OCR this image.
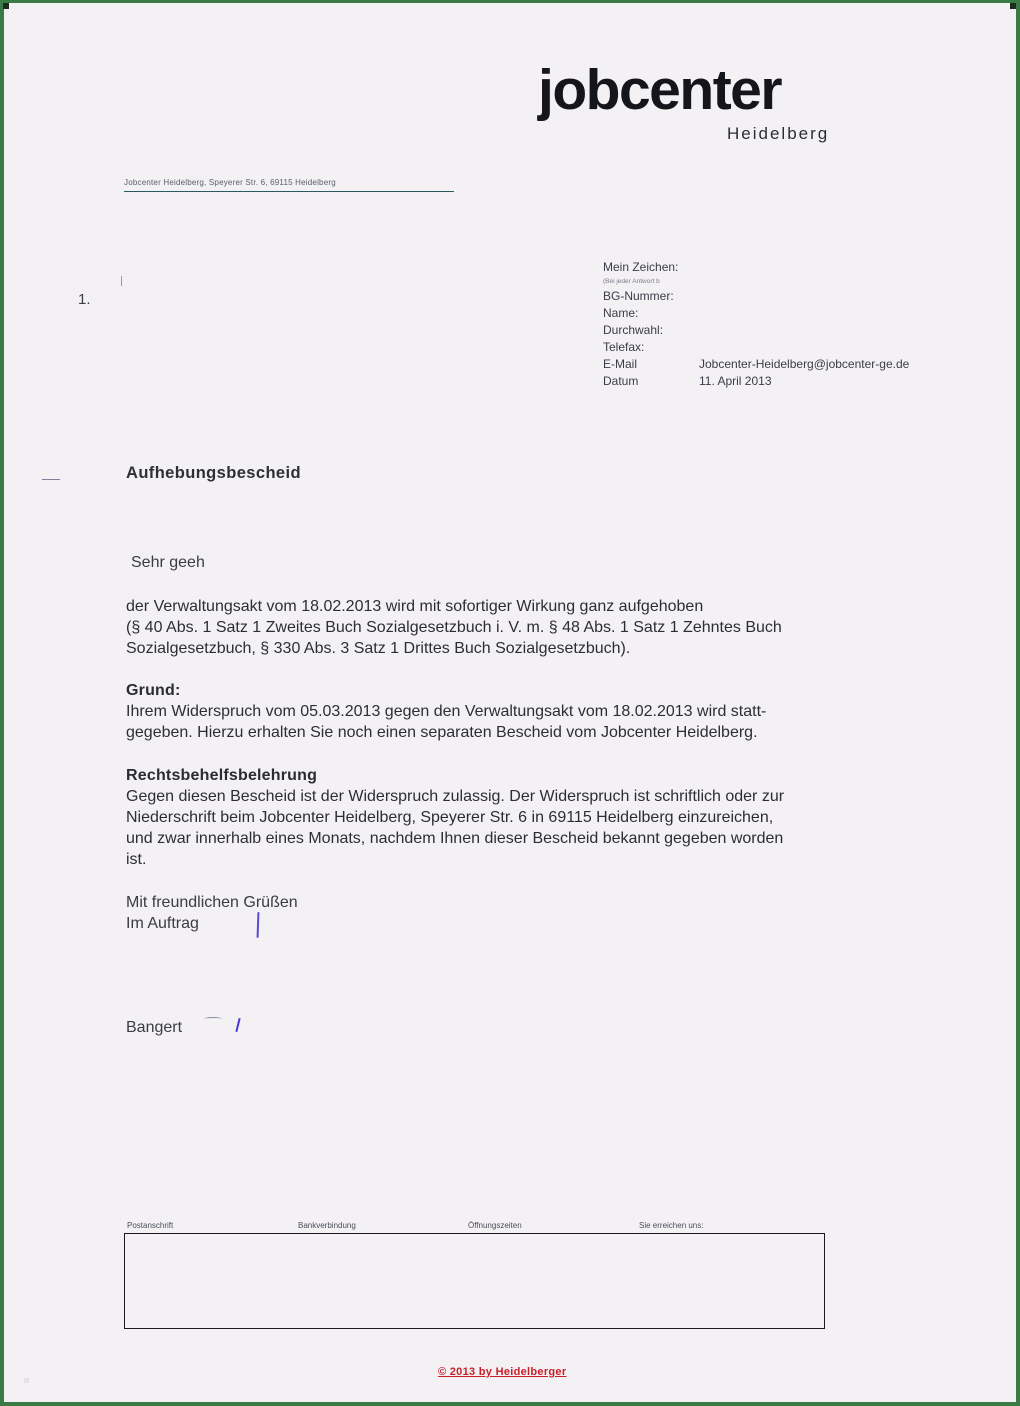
jobcenter
Heidelberg
Jobcenter Heidelberg, Speyerer Str. 6, 69115 Heidelberg
1.
Mein Zeichen:
(Bei jeder Antwort b
BG-Nummer:
Name:
Durchwahl:
Telefax:
E-Mail	Jobcenter-Heidelberg@jobcenter-ge.de
Datum	11. April 2013
Aufhebungsbescheid
Sehr geeh
der Verwaltungsakt vom 18.02.2013 wird mit sofortiger Wirkung ganz aufgehoben
(§ 40 Abs. 1 Satz 1 Zweites Buch Sozialgesetzbuch i. V. m. § 48 Abs. 1 Satz 1 Zehntes Buch
Sozialgesetzbuch, § 330 Abs. 3 Satz 1 Drittes Buch Sozialgesetzbuch).
Grund:
Ihrem Widerspruch vom 05.03.2013 gegen den Verwaltungsakt vom 18.02.2013 wird statt-
gegeben. Hierzu erhalten Sie noch einen separaten Bescheid vom Jobcenter Heidelberg.
Rechtsbehelfsbelehrung
Gegen diesen Bescheid ist der Widerspruch zulassig. Der Widerspruch ist schriftlich oder zur
Niederschrift beim Jobcenter Heidelberg, Speyerer Str. 6 in 69115 Heidelberg einzureichen,
und zwar innerhalb eines Monats, nachdem Ihnen dieser Bescheid bekannt gegeben worden
ist.
Mit freundlichen Grüßen
Im Auftrag
Bangert
Postanschrift	Bankverbindung	Öffnungszeiten	Sie erreichen uns:
© 2013 by Heidelberger
